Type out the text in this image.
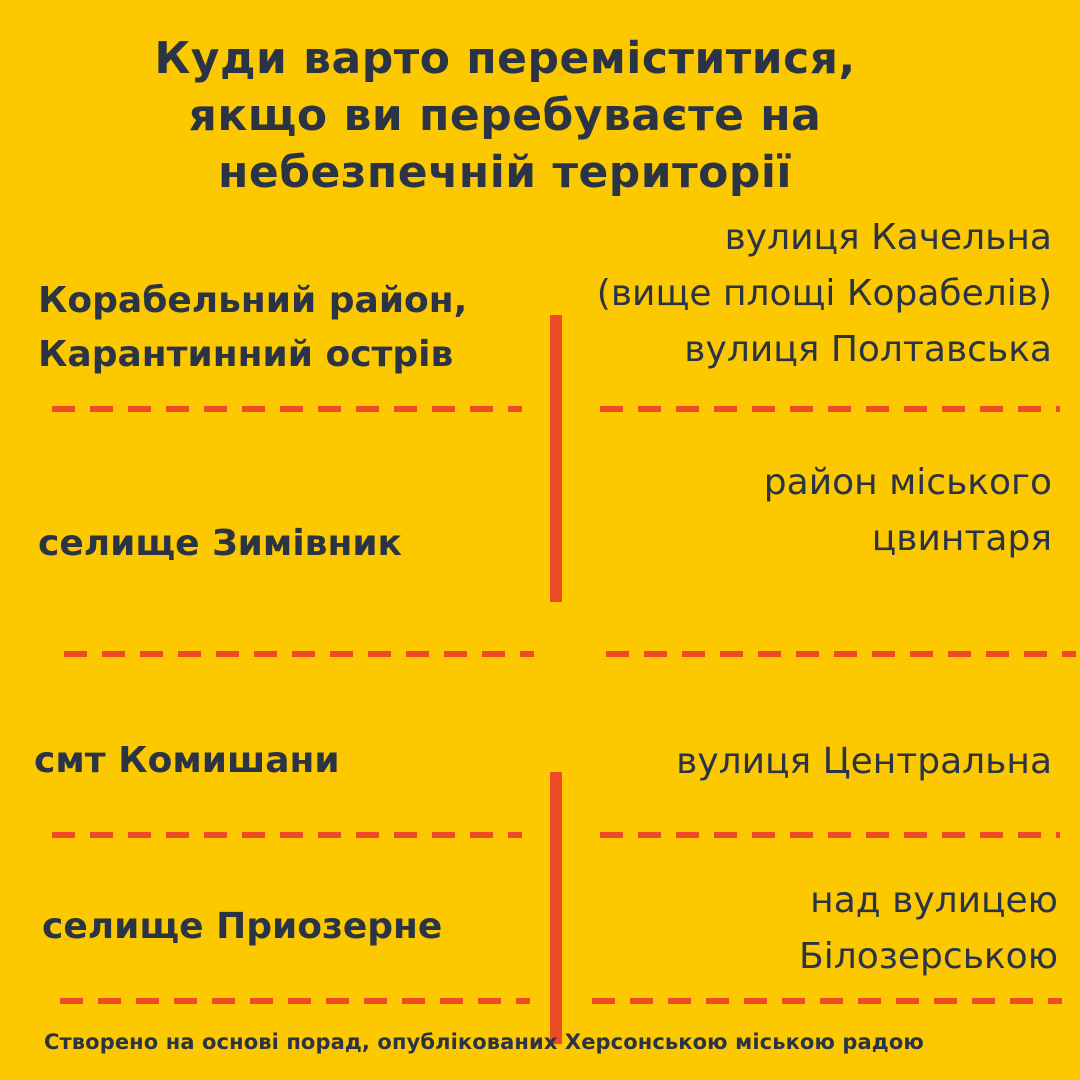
Куди варто переміститися,
якщо ви перебуваєте на
небезпечній території
Корабельний район,
Карантинний острів
вулиця Качельна
(вище площі Корабелів)
вулиця Полтавська
селище Зимівник
район міського
цвинтаря
смт Комишани	вулиця Центральна
селище Приозерне
над вулицею
Білозерською
Створено на основі порад, опублікованих Херсонською міською радою
